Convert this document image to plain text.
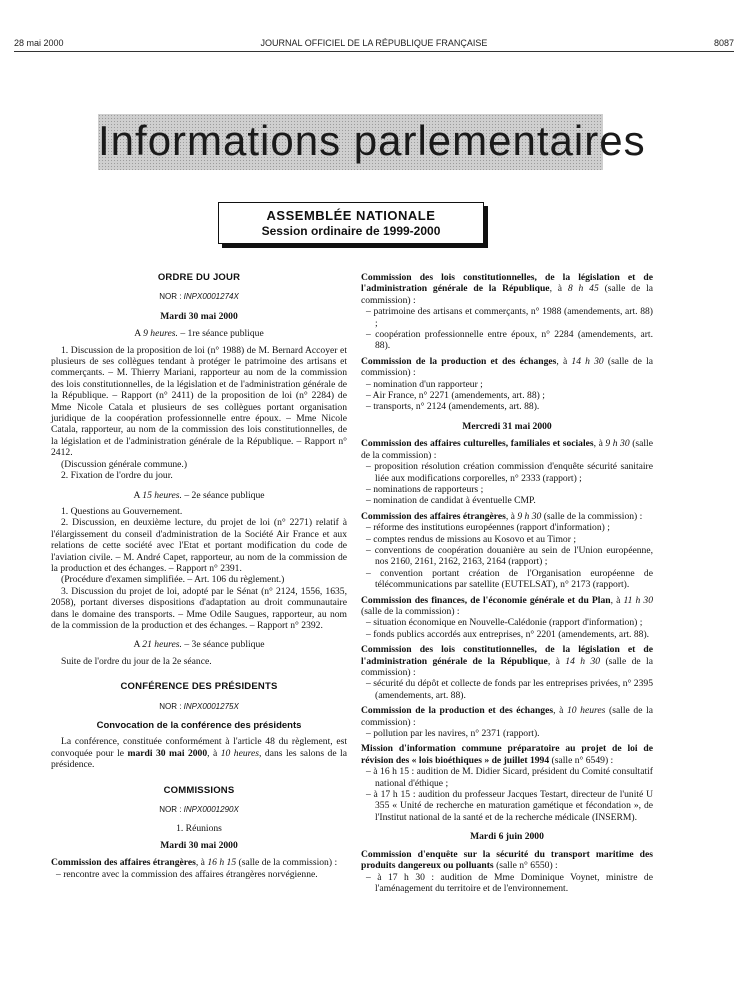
28 mai 2000	JOURNAL OFFICIEL DE LA RÉPUBLIQUE FRANÇAISE	8087
Informations parlementaires
ASSEMBLÉE NATIONALE
Session ordinaire de 1999-2000
ORDRE DU JOUR
NOR : INPX0001274X
Mardi 30 mai 2000
A 9 heures. – 1re séance publique

1. Discussion de la proposition de loi (n° 1988) de M. Bernard Accoyer et plusieurs de ses collègues tendant à protéger le patrimoine des artisans et commerçants. – M. Thierry Mariani, rapporteur au nom de la commission des lois constitutionnelles, de la législation et de l'administration générale de la République. – Rapport (n° 2411) de la proposition de loi (n° 2284) de Mme Nicole Catala et plusieurs de ses collègues portant organisation juridique de la coopération professionnelle entre époux. – Mme Nicole Catala, rapporteur, au nom de la commission des lois constitutionnelles, de la législation et de l'administration générale de la République. – Rapport n° 2412.

(Discussion générale commune.)

2. Fixation de l'ordre du jour.

A 15 heures. – 2e séance publique

1. Questions au Gouvernement.

2. Discussion, en deuxième lecture, du projet de loi (n° 2271) relatif à l'élargissement du conseil d'administration de la Société Air France et aux relations de cette société avec l'Etat et portant modification du code de l'aviation civile. – M. André Capet, rapporteur, au nom de la commission de la production et des échanges. – Rapport n° 2391.

(Procédure d'examen simplifiée. – Art. 106 du règlement.)

3. Discussion du projet de loi, adopté par le Sénat (n° 2124, 1556, 1635, 2058), portant diverses dispositions d'adaptation au droit communautaire dans le domaine des transports. – Mme Odile Saugues, rapporteur, au nom de la commission de la production et des échanges. – Rapport n° 2392.

A 21 heures. – 3e séance publique

Suite de l'ordre du jour de la 2e séance.

CONFÉRENCE DES PRÉSIDENTS
NOR : INPX0001275X
Convocation de la conférence des présidents

La conférence, constituée conformément à l'article 48 du règlement, est convoquée pour le mardi 30 mai 2000, à 10 heures, dans les salons de la présidence.

COMMISSIONS
NOR : INPX0001290X
1. Réunions
Mardi 30 mai 2000

Commission des affaires étrangères, à 16 h 15 (salle de la commission) :

– rencontre avec la commission des affaires étrangères norvégienne.

Commission des lois constitutionnelles, de la législation et de l'administration générale de la République, à 8 h 45 (salle de la commission) :

– patrimoine des artisans et commerçants, n° 1988 (amendements, art. 88) ;
– coopération professionnelle entre époux, n° 2284 (amendements, art. 88).

Commission de la production et des échanges, à 14 h 30 (salle de la commission) :

– nomination d'un rapporteur ;
– Air France, n° 2271 (amendements, art. 88) ;
– transports, n° 2124 (amendements, art. 88).
Mercredi 31 mai 2000

Commission des affaires culturelles, familiales et sociales, à 9 h 30 (salle de la commission) :

– proposition résolution création commission d'enquête sécurité sanitaire liée aux modifications corporelles, n° 2333 (rapport) ;
– nominations de rapporteurs ;
– nomination de candidat à éventuelle CMP.

Commission des affaires étrangères, à 9 h 30 (salle de la commission) :

– réforme des institutions européennes (rapport d'information) ;
– comptes rendus de missions au Kosovo et au Timor ;
– conventions de coopération douanière au sein de l'Union européenne, nos 2160, 2161, 2162, 2163, 2164 (rapport) ;
– convention portant création de l'Organisation européenne de télécommunications par satellite (EUTELSAT), n° 2173 (rapport).

Commission des finances, de l'économie générale et du Plan, à 11 h 30 (salle de la commission) :

– situation économique en Nouvelle-Calédonie (rapport d'information) ;
– fonds publics accordés aux entreprises, n° 2201 (amendements, art. 88).

Commission des lois constitutionnelles, de la législation et de l'administration générale de la République, à 14 h 30 (salle de la commission) :

– sécurité du dépôt et collecte de fonds par les entreprises privées, n° 2395 (amendements, art. 88).

Commission de la production et des échanges, à 10 heures (salle de la commission) :

– pollution par les navires, n° 2371 (rapport).

Mission d'information commune préparatoire au projet de loi de révision des « lois bioéthiques » de juillet 1994 (salle n° 6549) :

– à 16 h 15 : audition de M. Didier Sicard, président du Comité consultatif national d'éthique ;
– à 17 h 15 : audition du professeur Jacques Testart, directeur de l'unité U 355 « Unité de recherche en maturation gamétique et fécondation », de l'Institut national de la santé et de la recherche médicale (INSERM).
Mardi 6 juin 2000

Commission d'enquête sur la sécurité du transport maritime des produits dangereux ou polluants (salle n° 6550) :

– à 17 h 30 : audition de Mme Dominique Voynet, ministre de l'aménagement du territoire et de l'environnement.
